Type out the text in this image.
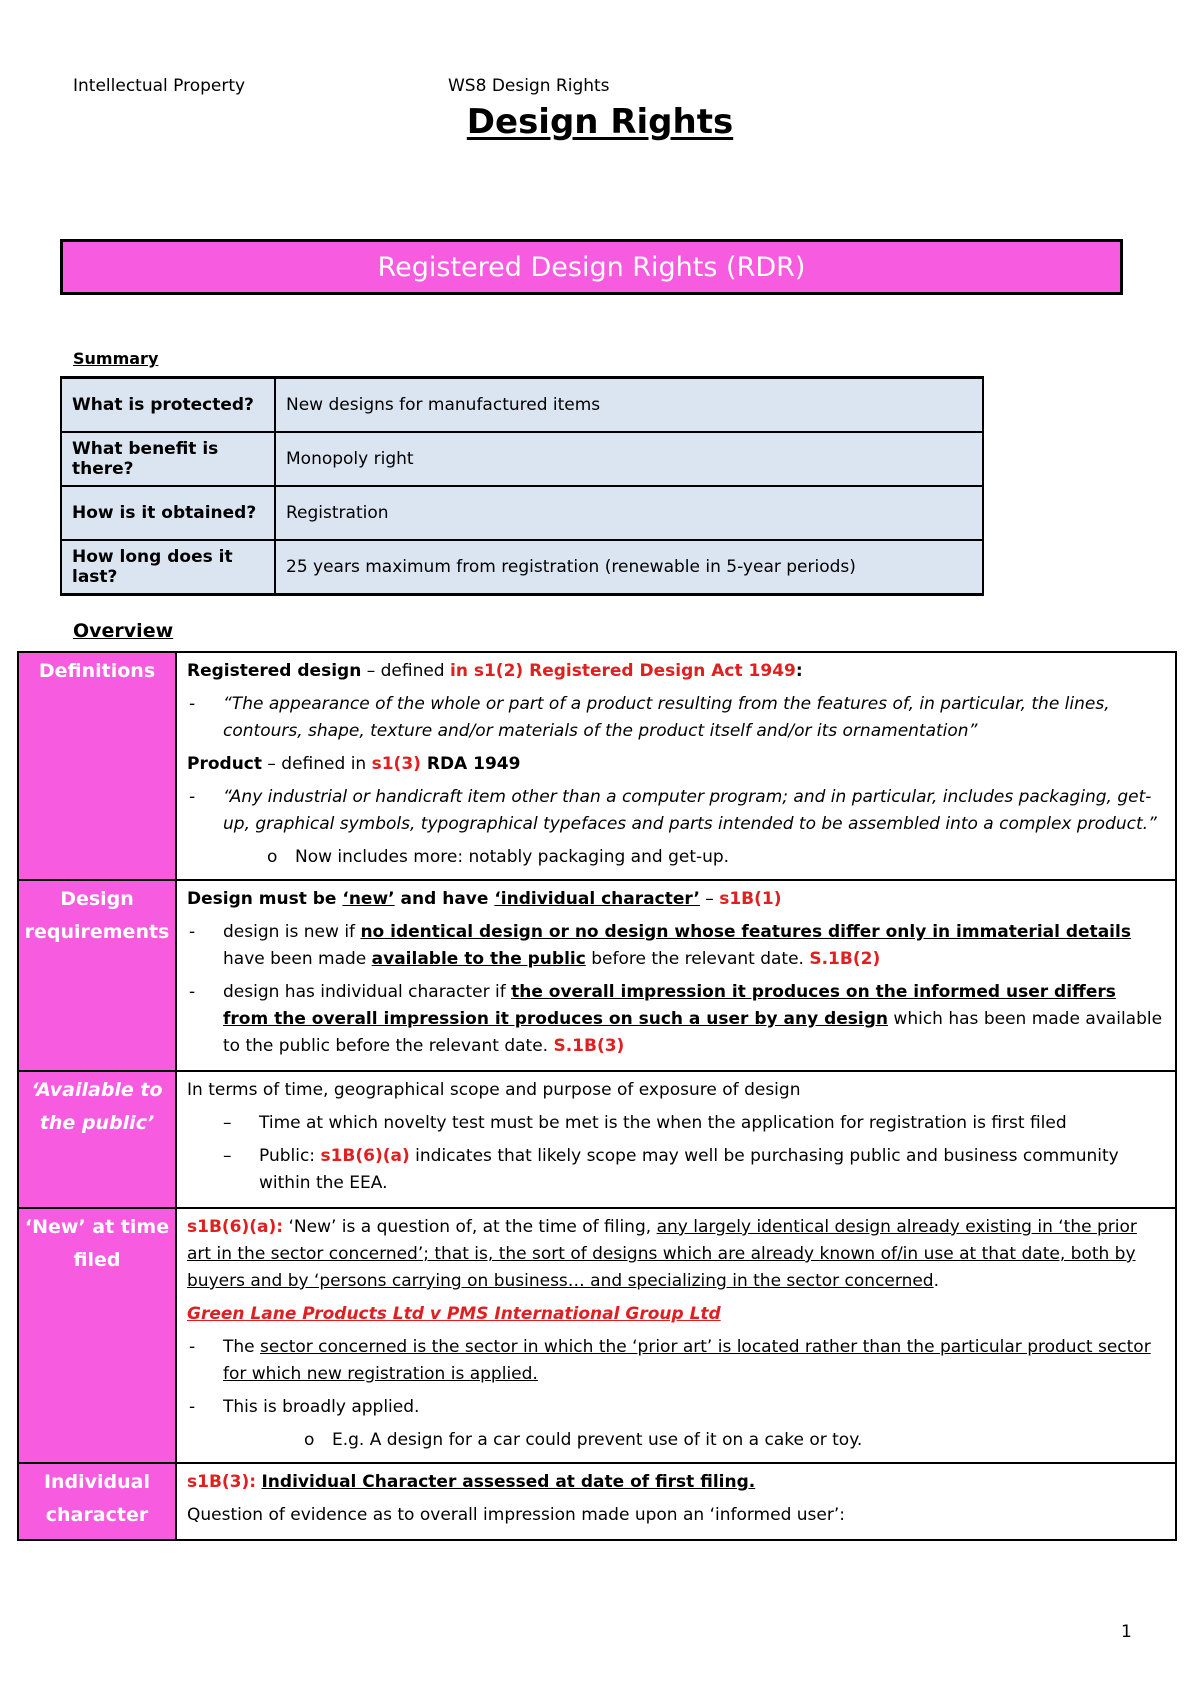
Intellectual Property	WS8 Design Rights
Design Rights
Registered Design Rights (RDR)
Summary
What is protected?	New designs for manufactured items
What benefit is there?	Monopoly right
How is it obtained?	Registration
How long does it last?	25 years maximum from registration (renewable in 5-year periods)
Overview
Definitions	Registered design – defined in s1(2) Registered Design Act 1949:

- “The appearance of the whole or part of a product resulting from the features of, in particular, the lines, contours, shape, texture and/or materials of the product itself and/or its ornamentation”

Product – defined in s1(3) RDA 1949

- “Any industrial or handicraft item other than a computer program; and in particular, includes packaging, get-up, graphical symbols, typographical typefaces and parts intended to be assembled into a complex product.”
o Now includes more: notably packaging and get-up.

Design requirements	Design must be ‘new’ and have ‘individual character’ – s1B(1)

- design is new if no identical design or no design whose features differ only in immaterial details have been made available to the public before the relevant date. S.1B(2)
- design has individual character if the overall impression it produces on the informed user differs from the overall impression it produces on such a user by any design which has been made available to the public before the relevant date. S.1B(3)

‘Available to the public’	In terms of time, geographical scope and purpose of exposure of design

– Time at which novelty test must be met is the when the application for registration is first filed
– Public: s1B(6)(a) indicates that likely scope may well be purchasing public and business community within the EEA.

‘New’ at time filed	s1B(6)(a): ‘New’ is a question of, at the time of filing, any largely identical design already existing in ‘the prior art in the sector concerned’; that is, the sort of designs which are already known of/in use at that date, both by buyers and by ‘persons carrying on business… and specializing in the sector concerned.

Green Lane Products Ltd v PMS International Group Ltd

- The sector concerned is the sector in which the ‘prior art’ is located rather than the particular product sector for which new registration is applied.
- This is broadly applied.
o E.g. A design for a car could prevent use of it on a cake or toy.

Individual character	s1B(3): Individual Character assessed at date of first filing.

Question of evidence as to overall impression made upon an ‘informed user’:

1
